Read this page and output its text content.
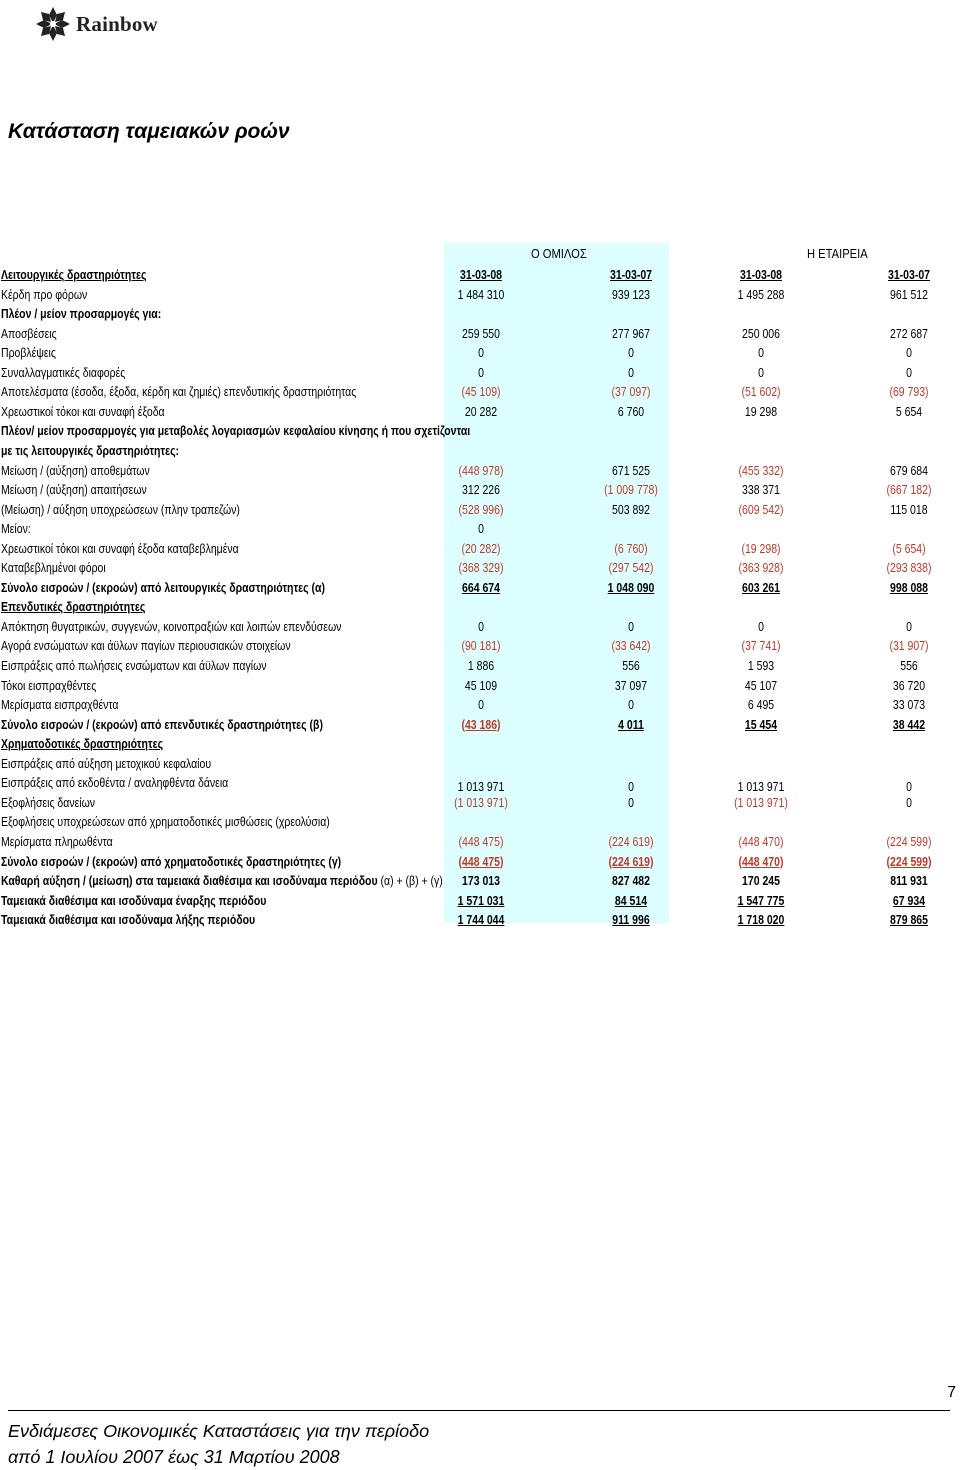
Rainbow
Κατάσταση ταμειακών ροών
Ο ΟΜΙΛΟΣ	Η ΕΤΑΙΡΕΙΑ
Λειτουργικές δραστηριότητες	31-03-08	31-03-07	31-03-08	31-03-07
Κέρδη προ φόρων	1 484 310	939 123	1 495 288	961 512
Πλέον / μείον προσαρμογές για:
Αποσβέσεις	259 550	277 967	250 006	272 687
Προβλέψεις	0	0	0	0
Συναλλαγματικές διαφορές	0	0	0	0
Αποτελέσματα (έσοδα, έξοδα, κέρδη και ζημιές) επενδυτικής δραστηριότητας	(45 109)	(37 097)	(51 602)	(69 793)
Χρεωστικοί τόκοι και συναφή έξοδα	20 282	6 760	19 298	5 654
Πλέον/ μείον προσαρμογές για μεταβολές λογαριασμών κεφαλαίου κίνησης ή που σχετίζονται
με τις λειτουργικές δραστηριότητες:
Μείωση / (αύξηση) αποθεμάτων	(448 978)	671 525	(455 332)	679 684
Μείωση / (αύξηση) απαιτήσεων	312 226	(1 009 778)	338 371	(667 182)
(Μείωση) / αύξηση υποχρεώσεων (πλην τραπεζών)	(528 996)	503 892	(609 542)	115 018
Μείον:	0
Χρεωστικοί τόκοι και συναφή έξοδα καταβεβλημένα	(20 282)	(6 760)	(19 298)	(5 654)
Καταβεβλημένοι φόροι	(368 329)	(297 542)	(363 928)	(293 838)
Σύνολο εισροών / (εκροών) από λειτουργικές δραστηριότητες (α)	664 674	1 048 090	603 261	998 088
Επενδυτικές δραστηριότητες
Απόκτηση θυγατρικών, συγγενών, κοινοπραξιών και λοιπών επενδύσεων	0	0	0	0
Αγορά ενσώματων και άϋλων παγίων περιουσιακών στοιχείων	(90 181)	(33 642)	(37 741)	(31 907)
Εισπράξεις από πωλήσεις ενσώματων και άϋλων παγίων	1 886	556	1 593	556
Τόκοι εισπραχθέντες	45 109	37 097	45 107	36 720
Μερίσματα εισπραχθέντα	0	0	6 495	33 073
Σύνολο εισροών / (εκροών) από επενδυτικές δραστηριότητες (β)	(43 186)	4 011	15 454	38 442
Χρηματοδοτικές δραστηριότητες
Εισπράξεις από αύξηση μετοχικού κεφαλαίου
Εισπράξεις από εκδοθέντα / αναληφθέντα δάνεια	1 013 971	0	1 013 971	0
Εξοφλήσεις δανείων	(1 013 971)	0	(1 013 971)	0
Εξοφλήσεις υποχρεώσεων από χρηματοδοτικές μισθώσεις (χρεολύσια)
Μερίσματα πληρωθέντα	(448 475)	(224 619)	(448 470)	(224 599)
Σύνολο εισροών / (εκροών) από χρηματοδοτικές δραστηριότητες (γ)	(448 475)	(224 619)	(448 470)	(224 599)
Καθαρή αύξηση / (μείωση) στα ταμειακά διαθέσιμα και ισοδύναμα περιόδου (α) + (β) + (γ)	173 013	827 482	170 245	811 931
Ταμειακά διαθέσιμα και ισοδύναμα έναρξης περιόδου	1 571 031	84 514	1 547 775	67 934
Ταμειακά διαθέσιμα και ισοδύναμα λήξης περιόδου	1 744 044	911 996	1 718 020	879 865
7
Ενδιάμεσες Οικονομικές Καταστάσεις για την περίοδο
από 1 Ιουλίου 2007 έως 31 Μαρτίου 2008
